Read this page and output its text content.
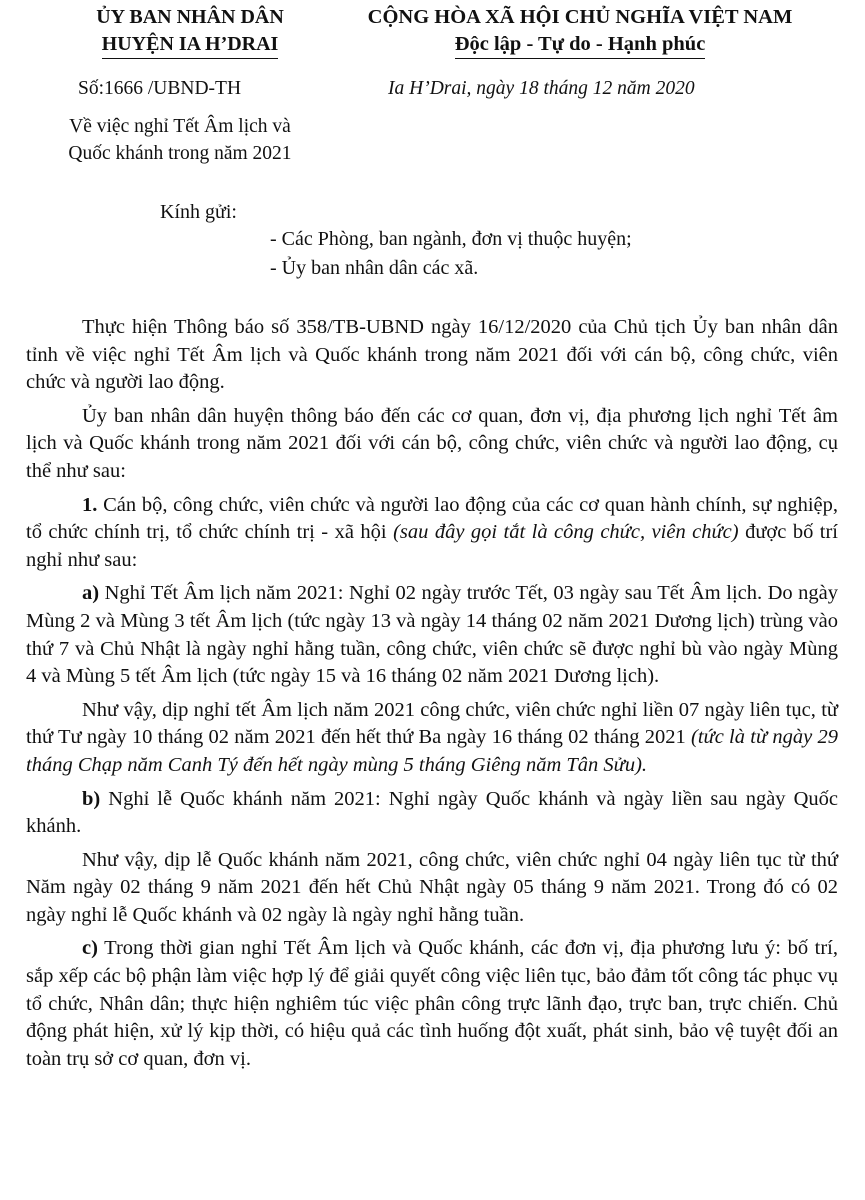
ỦY BAN NHÂN DÂN
HUYỆN IA H’DRAI
CỘNG HÒA XÃ HỘI CHỦ NGHĨA VIỆT NAM
Độc lập - Tự do - Hạnh phúc
Số:1666 /UBND-TH	Ia H’Drai, ngày 18 tháng 12 năm 2020
Về việc nghỉ Tết Âm lịch và
Quốc khánh trong năm 2021
Kính gửi:
- Các Phòng, ban ngành, đơn vị thuộc huyện;
- Ủy ban nhân dân các xã.

Thực hiện Thông báo số 358/TB-UBND ngày 16/12/2020 của Chủ tịch Ủy ban nhân dân tỉnh về việc nghỉ Tết Âm lịch và Quốc khánh trong năm 2021 đối với cán bộ, công chức, viên chức và người lao động.

Ủy ban nhân dân huyện thông báo đến các cơ quan, đơn vị, địa phương lịch nghỉ Tết âm lịch và Quốc khánh trong năm 2021 đối với cán bộ, công chức, viên chức và người lao động, cụ thể như sau:

1. Cán bộ, công chức, viên chức và người lao động của các cơ quan hành chính, sự nghiệp, tổ chức chính trị, tổ chức chính trị - xã hội (sau đây gọi tắt là công chức, viên chức) được bố trí nghỉ như sau:

a) Nghỉ Tết Âm lịch năm 2021: Nghỉ 02 ngày trước Tết, 03 ngày sau Tết Âm lịch. Do ngày Mùng 2 và Mùng 3 tết Âm lịch (tức ngày 13 và ngày 14 tháng 02 năm 2021 Dương lịch) trùng vào thứ 7 và Chủ Nhật là ngày nghỉ hằng tuần, công chức, viên chức sẽ được nghỉ bù vào ngày Mùng 4 và Mùng 5 tết Âm lịch (tức ngày 15 và 16 tháng 02 năm 2021 Dương lịch).

Như vậy, dịp nghỉ tết Âm lịch năm 2021 công chức, viên chức nghỉ liền 07 ngày liên tục, từ thứ Tư ngày 10 tháng 02 năm 2021 đến hết thứ Ba ngày 16 tháng 02 tháng 2021 (tức là từ ngày 29 tháng Chạp năm Canh Tý đến hết ngày mùng 5 tháng Giêng năm Tân Sửu).

b) Nghỉ lễ Quốc khánh năm 2021: Nghỉ ngày Quốc khánh và ngày liền sau ngày Quốc khánh.

Như vậy, dịp lễ Quốc khánh năm 2021, công chức, viên chức nghỉ 04 ngày liên tục từ thứ Năm ngày 02 tháng 9 năm 2021 đến hết Chủ Nhật ngày 05 tháng 9 năm 2021. Trong đó có 02 ngày nghỉ lễ Quốc khánh và 02 ngày là ngày nghỉ hằng tuần.

c) Trong thời gian nghỉ Tết Âm lịch và Quốc khánh, các đơn vị, địa phương lưu ý: bố trí, sắp xếp các bộ phận làm việc hợp lý để giải quyết công việc liên tục, bảo đảm tốt công tác phục vụ tổ chức, Nhân dân; thực hiện nghiêm túc việc phân công trực lãnh đạo, trực ban, trực chiến. Chủ động phát hiện, xử lý kịp thời, có hiệu quả các tình huống đột xuất, phát sinh, bảo vệ tuyệt đối an toàn trụ sở cơ quan, đơn vị.
